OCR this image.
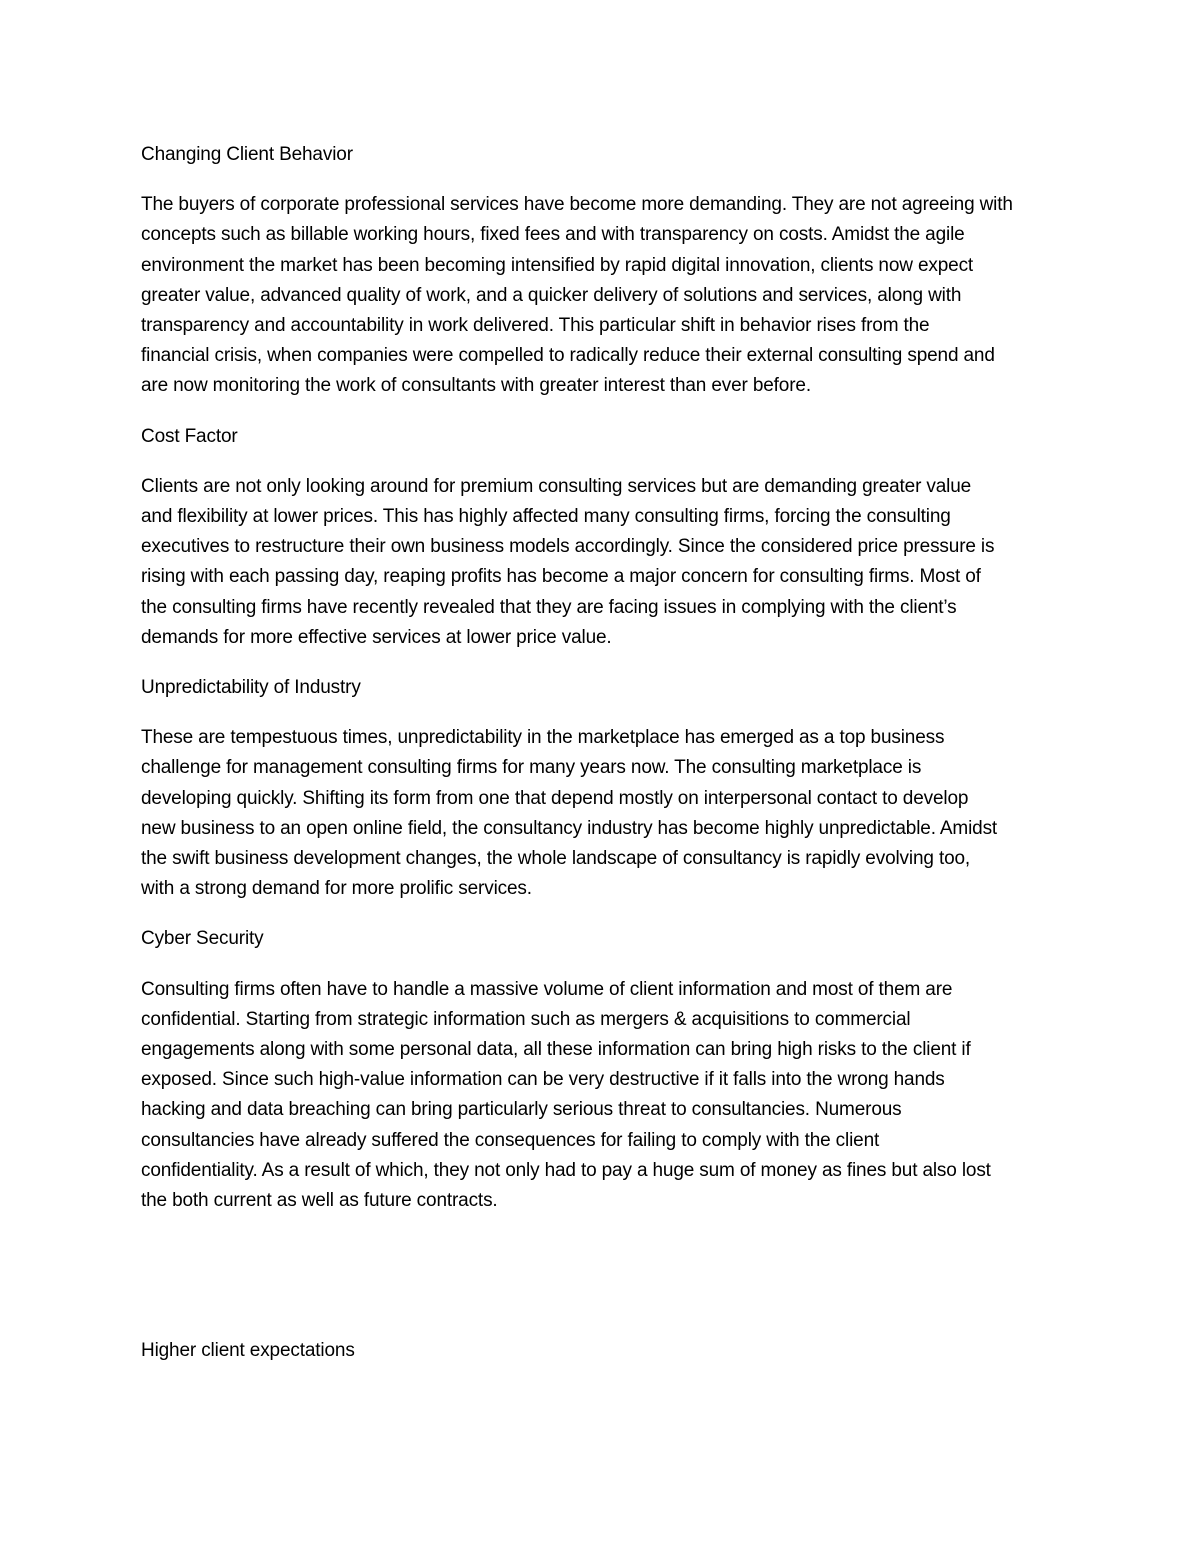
Changing Client Behavior

The buyers of corporate professional services have become more demanding. They are not agreeing with
concepts such as billable working hours, fixed fees and with transparency on costs. Amidst the agile
environment the market has been becoming intensified by rapid digital innovation, clients now expect
greater value, advanced quality of work, and a quicker delivery of solutions and services, along with
transparency and accountability in work delivered. This particular shift in behavior rises from the
financial crisis, when companies were compelled to radically reduce their external consulting spend and
are now monitoring the work of consultants with greater interest than ever before.

Cost Factor

Clients are not only looking around for premium consulting services but are demanding greater value
and flexibility at lower prices. This has highly affected many consulting firms, forcing the consulting
executives to restructure their own business models accordingly. Since the considered price pressure is
rising with each passing day, reaping profits has become a major concern for consulting firms. Most of
the consulting firms have recently revealed that they are facing issues in complying with the client’s
demands for more effective services at lower price value.

Unpredictability of Industry

These are tempestuous times, unpredictability in the marketplace has emerged as a top business
challenge for management consulting firms for many years now. The consulting marketplace is
developing quickly. Shifting its form from one that depend mostly on interpersonal contact to develop
new business to an open online field, the consultancy industry has become highly unpredictable. Amidst
the swift business development changes, the whole landscape of consultancy is rapidly evolving too,
with a strong demand for more prolific services.

Cyber Security

Consulting firms often have to handle a massive volume of client information and most of them are
confidential. Starting from strategic information such as mergers & acquisitions to commercial
engagements along with some personal data, all these information can bring high risks to the client if
exposed. Since such high-value information can be very destructive if it falls into the wrong hands
hacking and data breaching can bring particularly serious threat to consultancies. Numerous
consultancies have already suffered the consequences for failing to comply with the client
confidentiality. As a result of which, they not only had to pay a huge sum of money as fines but also lost
the both current as well as future contracts.

Higher client expectations
